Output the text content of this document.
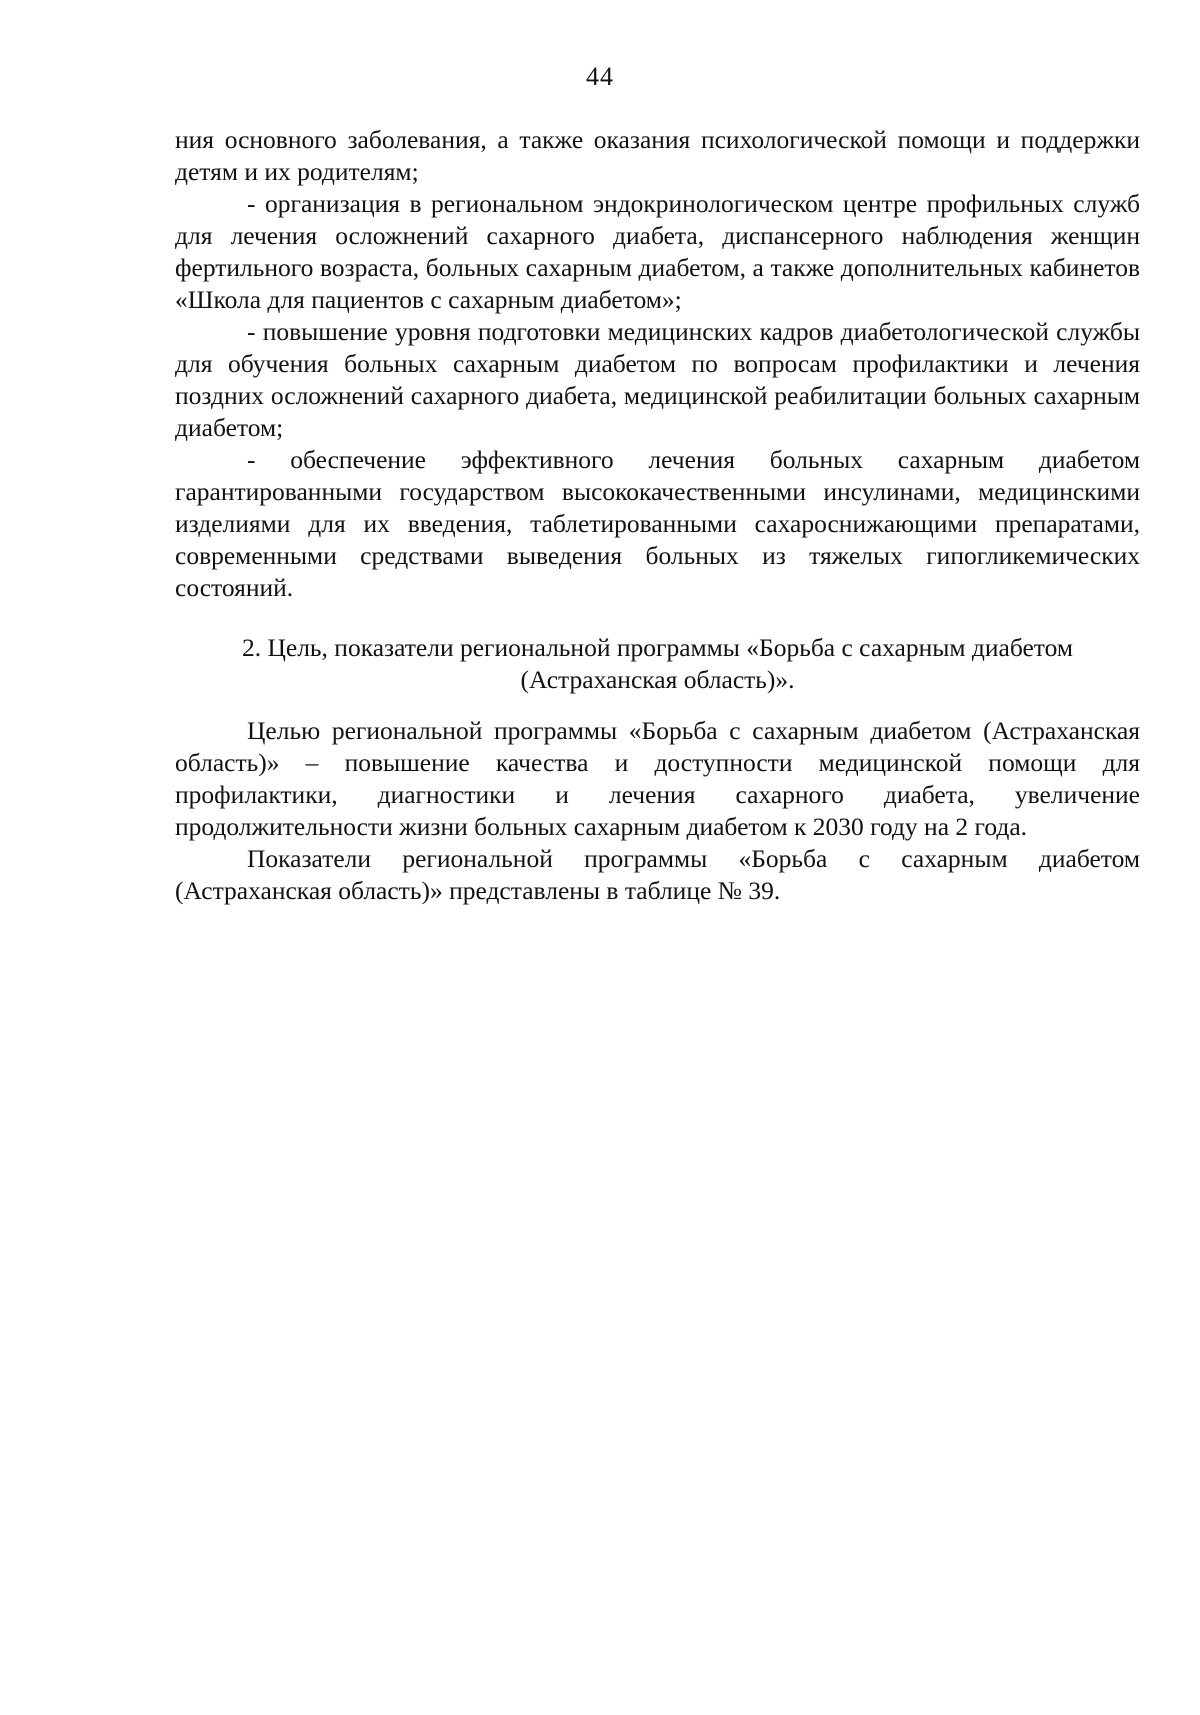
44

ния основного заболевания, а также оказания психологической помощи и поддержки детям и их родителям;

- организация в региональном эндокринологическом центре профильных служб для лечения осложнений сахарного диабета, диспансерного наблюдения женщин фертильного возраста, больных сахарным диабетом, а также дополнительных кабинетов «Школа для пациентов с сахарным диабетом»;

- повышение уровня подготовки медицинских кадров диабетологической службы для обучения больных сахарным диабетом по вопросам профилактики и лечения поздних осложнений сахарного диабета, медицинской реабилитации больных сахарным диабетом;

- обеспечение эффективного лечения больных сахарным диабетом гарантированными государством высококачественными инсулинами, медицинскими изделиями для их введения, таблетированными сахароснижающими препаратами, современными средствами выведения больных из тяжелых гипогликемических состояний.

2. Цель, показатели региональной программы «Борьба с сахарным диабетом
(Астраханская область)».

Целью региональной программы «Борьба с сахарным диабетом (Астраханская область)» – повышение качества и доступности медицинской помощи для профилактики, диагностики и лечения сахарного диабета, увеличение продолжительности жизни больных сахарным диабетом к 2030 году на 2 года.

Показатели региональной программы «Борьба с сахарным диабетом (Астраханская область)» представлены в таблице № 39.
